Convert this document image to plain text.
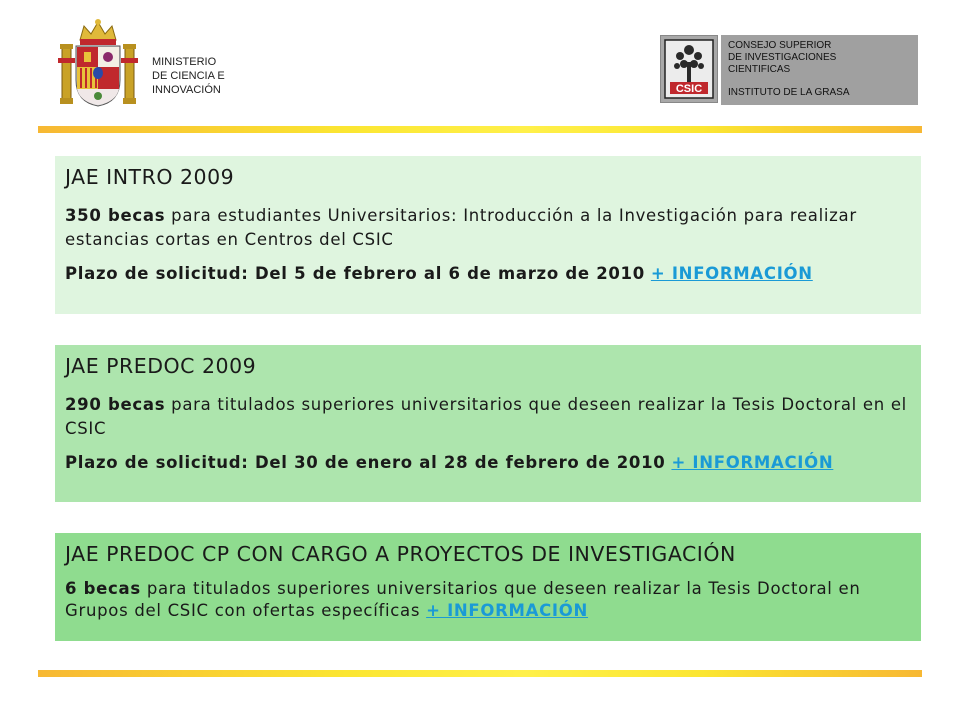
MINISTERIO
DE CIENCIA E
INNOVACIÓN	CSIC
CONSEJO SUPERIOR
DE INVESTIGACIONES
CIENTIFICAS
INSTITUTO DE LA GRASA
JAE INTRO 2009

350 becas para estudiantes Universitarios: Introducción a la Investigación para realizar estancias cortas en Centros del CSIC

Plazo de solicitud: Del 5 de febrero al 6 de marzo de 2010 + INFORMACIÓN

JAE PREDOC 2009

290 becas para titulados superiores universitarios que deseen realizar la Tesis Doctoral en el CSIC

Plazo de solicitud: Del 30 de enero al 28 de febrero de 2010 + INFORMACIÓN

JAE PREDOC CP CON CARGO A PROYECTOS DE INVESTIGACIÓN

6 becas para titulados superiores universitarios que deseen realizar la Tesis Doctoral en Grupos del CSIC con ofertas específicas + INFORMACIÓN
